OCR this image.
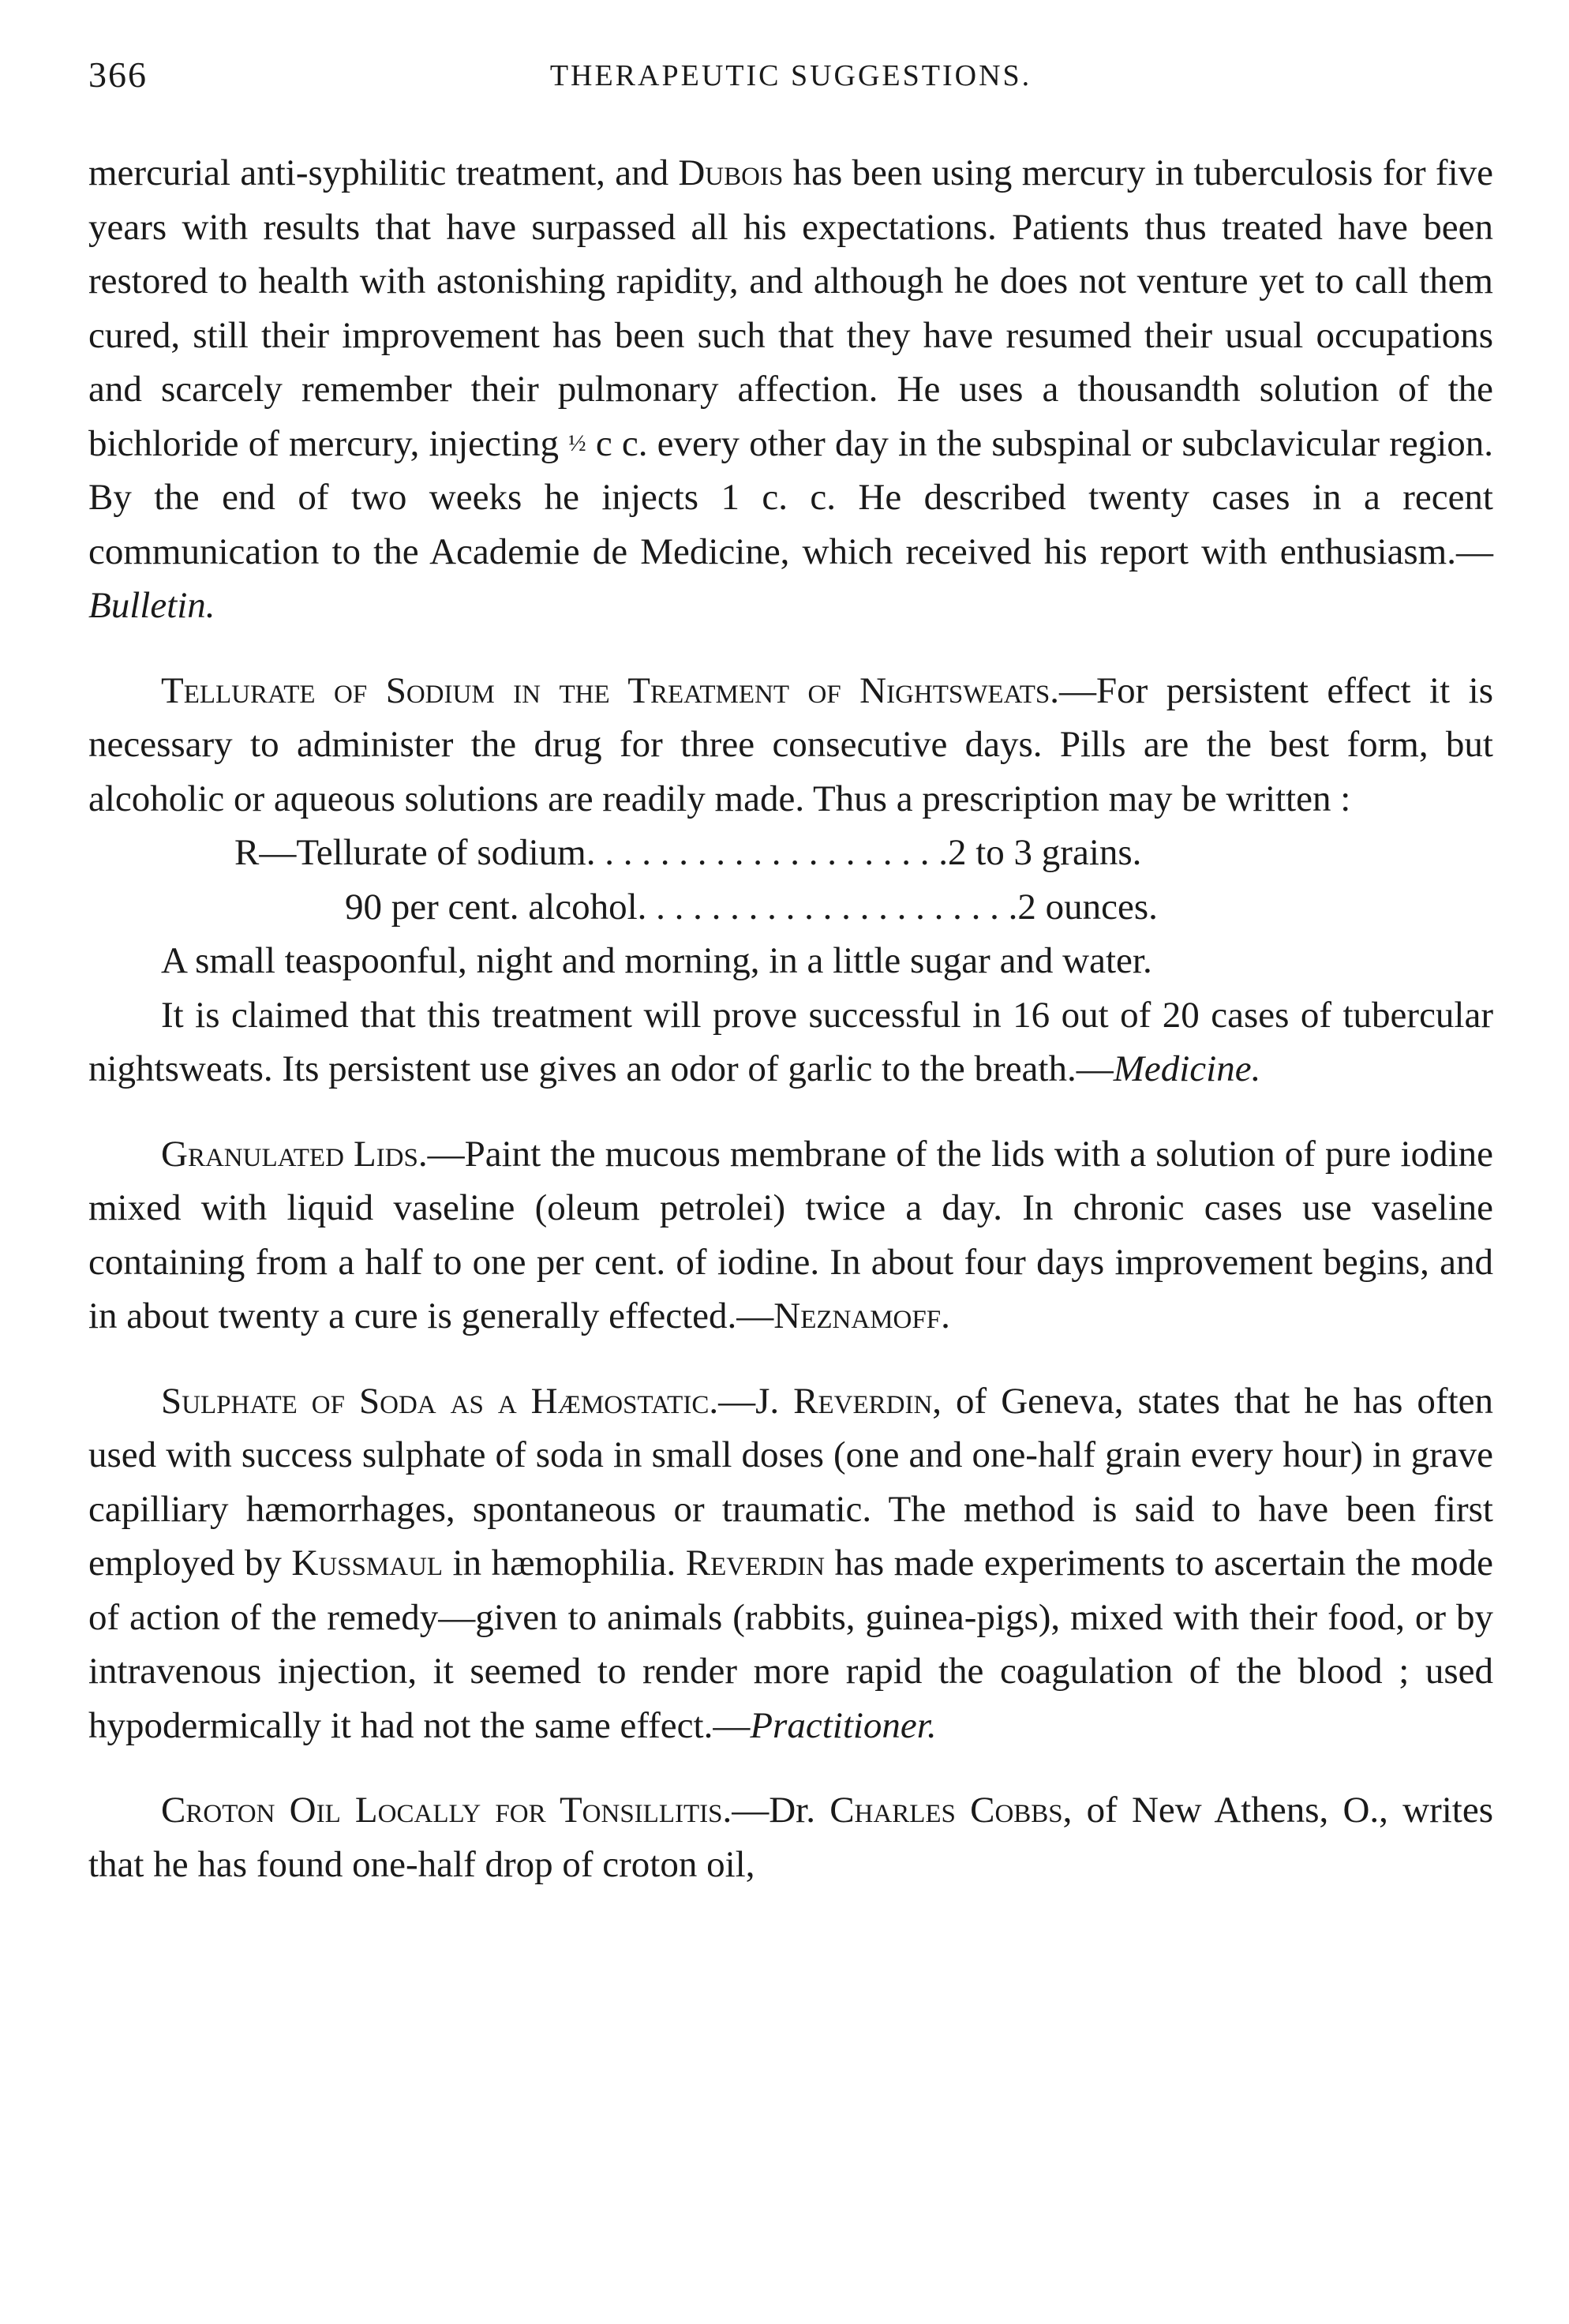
366	THERAPEUTIC SUGGESTIONS.

mercurial anti-syphilitic treatment, and Dubois has been using mercury in tuberculosis for five years with results that have surpassed all his expectations. Patients thus treated have been restored to health with astonishing rapidity, and although he does not venture yet to call them cured, still their improvement has been such that they have resumed their usual occupations and scarcely remember their pulmonary affection. He uses a thousandth solution of the bichloride of mercury, injecting ½ c c. every other day in the subspinal or subclavicular region. By the end of two weeks he injects 1 c. c. He described twenty cases in a recent communication to the Academie de Medicine, which received his report with enthusiasm.—Bulletin.

Tellurate of Sodium in the Treatment of Nightsweats.—For persistent effect it is necessary to administer the drug for three consecutive days. Pills are the best form, but alcoholic or aqueous solutions are readily made. Thus a prescription may be written :

R—Tellurate of sodium. . . . . . . . . . . . . . . . . . . .2 to 3 grains.
90 per cent. alcohol. . . . . . . . . . . . . . . . . . . . .2 ounces.

A small teaspoonful, night and morning, in a little sugar and water.

It is claimed that this treatment will prove successful in 16 out of 20 cases of tubercular nightsweats. Its persistent use gives an odor of garlic to the breath.—Medicine.

Granulated Lids.—Paint the mucous membrane of the lids with a solution of pure iodine mixed with liquid vaseline (oleum petrolei) twice a day. In chronic cases use vaseline containing from a half to one per cent. of iodine. In about four days improvement begins, and in about twenty a cure is generally effected.—Neznamoff.

Sulphate of Soda as a Hæmostatic.—J. Reverdin, of Geneva, states that he has often used with success sulphate of soda in small doses (one and one-half grain every hour) in grave capilliary hæmorrhages, spontaneous or traumatic. The method is said to have been first employed by Kussmaul in hæmophilia. Reverdin has made experiments to ascertain the mode of action of the remedy—given to animals (rabbits, guinea-pigs), mixed with their food, or by intravenous injection, it seemed to render more rapid the coagulation of the blood ; used hypodermically it had not the same effect.—Practitioner.

Croton Oil Locally for Tonsillitis.—Dr. Charles Cobbs, of New Athens, O., writes that he has found one-half drop of croton oil,
